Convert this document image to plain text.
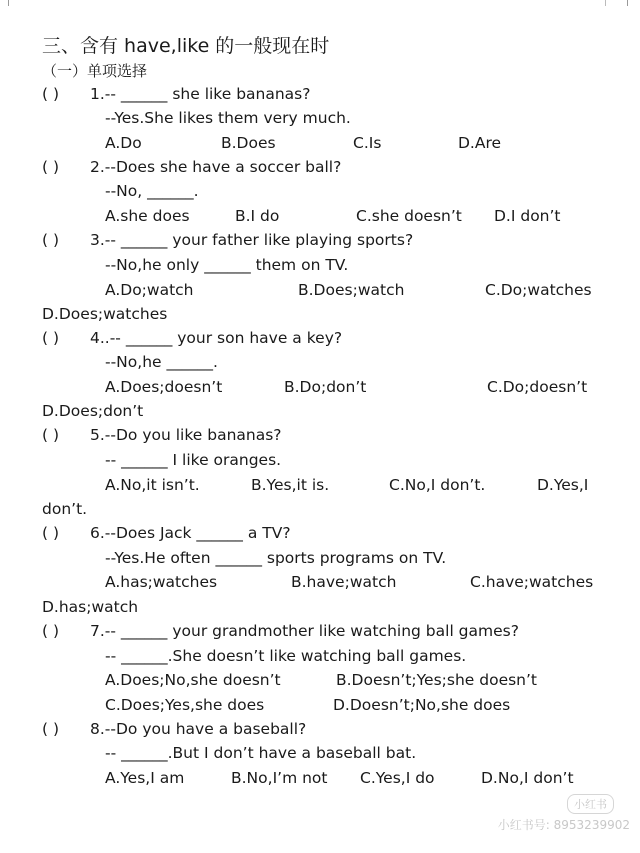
三、含有 have,like 的一般现在时
（一）单项选择
( ) 1.-- ______ she like bananas?
--Yes.She likes them very much.
A.Do	B.Does	C.Is	D.Are
( ) 2.--Does she have a soccer ball?
--No, ______.
A.she does	B.I do	C.she doesn’t D.I don’t
( ) 3.-- ______ your father like playing sports?
--No,he only ______ them on TV.
A.Do;watch	B.Does;watch	C.Do;watches
D.Does;watches
( ) 4..-- ______ your son have a key?
--No,he ______.
A.Does;doesn’t	B.Do;don’t	C.Do;doesn’t
D.Does;don’t
( ) 5.--Do you like bananas?
-- ______ I like oranges.
A.No,it isn’t.	B.Yes,it is.	C.No,I don’t.	D.Yes,I
don’t.
( ) 6.--Does Jack ______ a TV?
--Yes.He often ______ sports programs on TV.
A.has;watches	B.have;watch	C.have;watches
D.has;watch
( ) 7.-- ______ your grandmother like watching ball games?
-- ______.She doesn’t like watching ball games.
A.Does;No,she doesn’t	B.Doesn’t;Yes;she doesn’t
C.Does;Yes,she does	D.Doesn’t;No,she does
( ) 8.--Do you have a baseball?
-- ______.But I don’t have a baseball bat.
A.Yes,I am	B.No,I’m not C.Yes,I do	D.No,I don’t
小红书
小红书号: 8953239902
